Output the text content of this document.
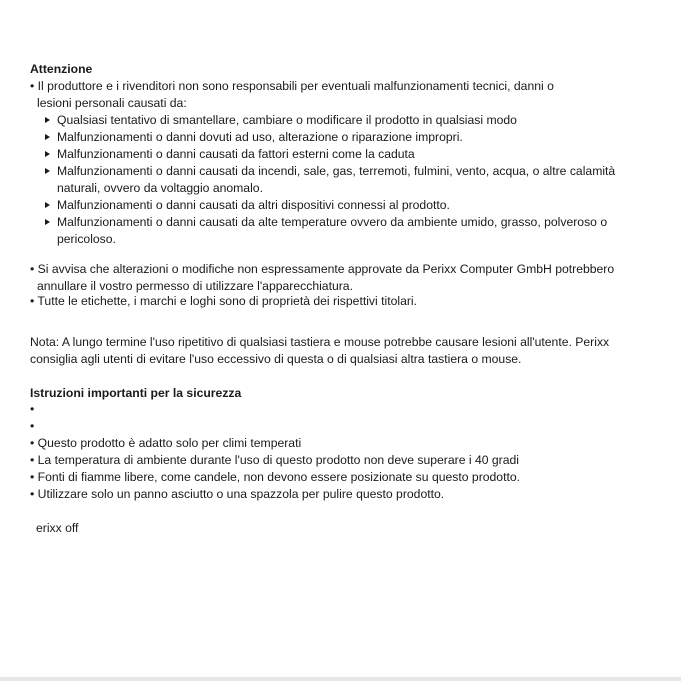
Attenzione
• Il produttore e i rivenditori non sono responsabili per eventuali malfunzionamenti tecnici, danni o
lesioni personali causati da:
Qualsiasi tentativo di smantellare, cambiare o modificare il prodotto in qualsiasi modo
Malfunzionamenti o danni dovuti ad uso, alterazione o riparazione impropri.
Malfunzionamenti o danni causati da fattori esterni come la caduta
Malfunzionamenti o danni causati da incendi, sale, gas, terremoti, fulmini, vento, acqua, o altre calamità
naturali, ovvero da voltaggio anomalo.
Malfunzionamenti o danni causati da altri dispositivi connessi al prodotto.
Malfunzionamenti o danni causati da alte temperature ovvero da ambiente umido, grasso, polveroso o
pericoloso.
• Si avvisa che alterazioni o modifiche non espressamente approvate da Perixx Computer GmbH potrebbero
annullare il vostro permesso di utilizzare l'apparecchiatura.
• Tutte le etichette, i marchi e loghi sono di proprietà dei rispettivi titolari.
Nota: A lungo termine l'uso ripetitivo di qualsiasi tastiera e mouse potrebbe causare lesioni all'utente. Perixx
consiglia agli utenti di evitare l'uso eccessivo di questa o di qualsiasi altra tastiera o mouse.
Istruzioni importanti per la sicurezza
•
•
• Questo prodotto è adatto solo per climi temperati
• La temperatura di ambiente durante l'uso di questo prodotto non deve superare i 40 gradi
• Fonti di fiamme libere, come candele, non devono essere posizionate su questo prodotto.
• Utilizzare solo un panno asciutto o una spazzola per pulire questo prodotto.
erixx off
